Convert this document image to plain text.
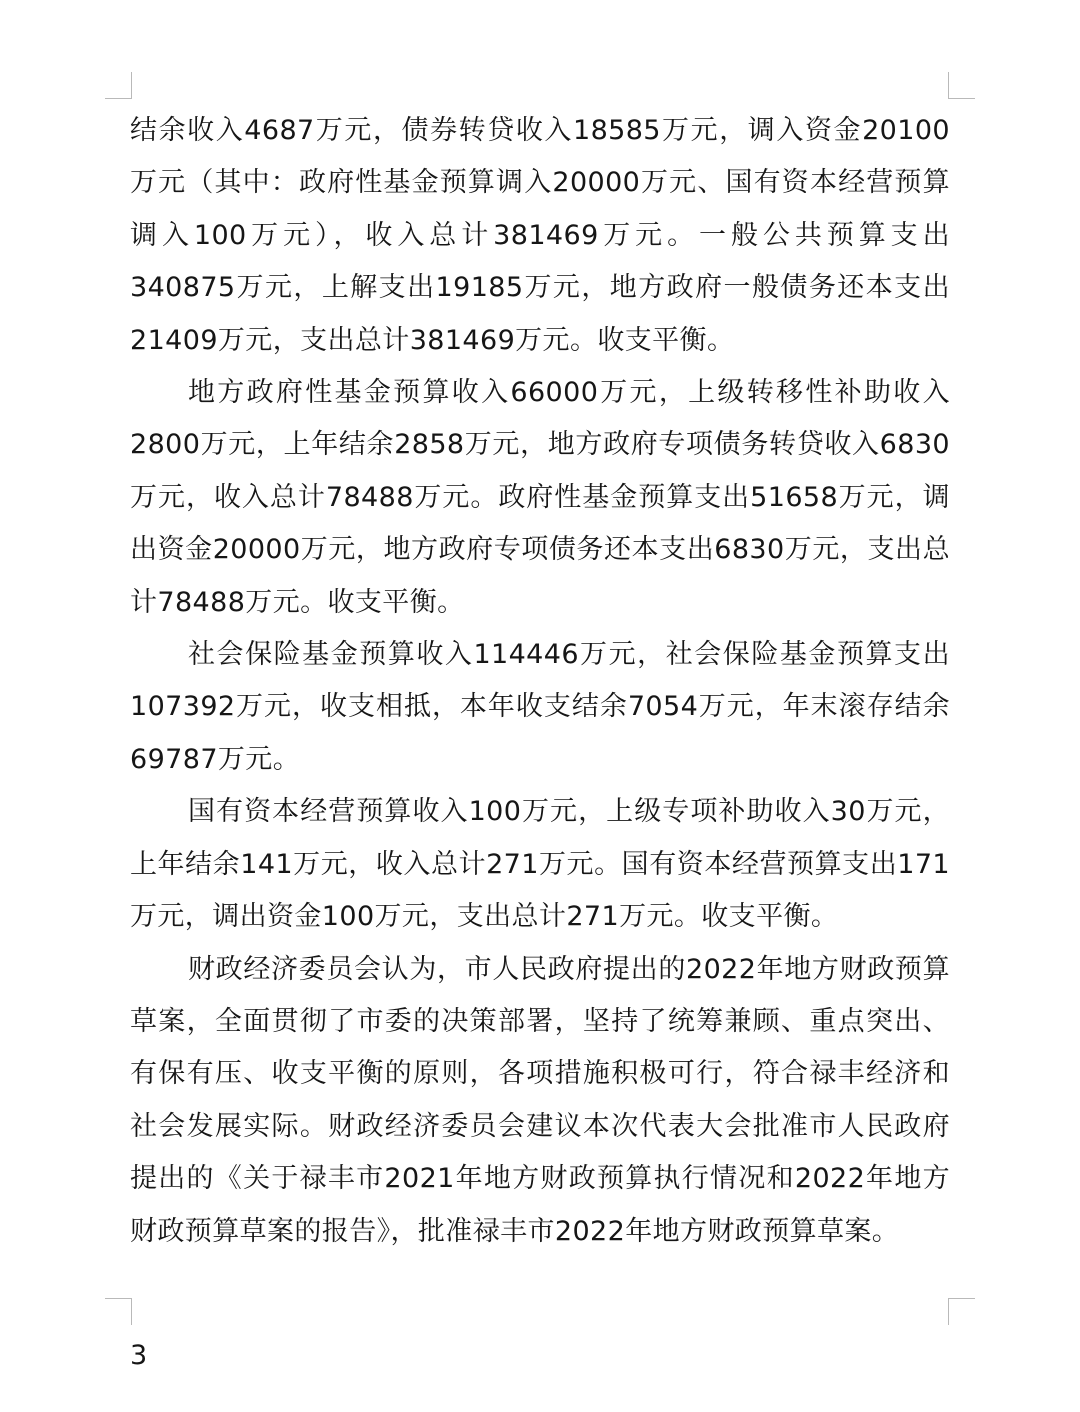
结余收入4687万元，债券转贷收入18585万元，调入资金20100万元（其中：政府性基金预算调入20000万元、国有资本经营预算调入100万元），收入总计381469万元。一般公共预算支出340875万元，上解支出19185万元，地方政府一般债务还本支出21409万元，支出总计381469万元。收支平衡。

地方政府性基金预算收入66000万元，上级转移性补助收入2800万元，上年结余2858万元，地方政府专项债务转贷收入6830万元，收入总计78488万元。政府性基金预算支出51658万元，调出资金20000万元，地方政府专项债务还本支出6830万元，支出总计78488万元。收支平衡。

社会保险基金预算收入114446万元，社会保险基金预算支出107392万元，收支相抵，本年收支结余7054万元，年末滚存结余69787万元。

国有资本经营预算收入100万元，上级专项补助收入30万元，上年结余141万元，收入总计271万元。国有资本经营预算支出171万元，调出资金100万元，支出总计271万元。收支平衡。

财政经济委员会认为，市人民政府提出的2022年地方财政预算草案，全面贯彻了市委的决策部署，坚持了统筹兼顾、重点突出、有保有压、收支平衡的原则，各项措施积极可行，符合禄丰经济和社会发展实际。财政经济委员会建议本次代表大会批准市人民政府提出的《关于禄丰市2021年地方财政预算执行情况和2022年地方财政预算草案的报告》，批准禄丰市2022年地方财政预算草案。

3
